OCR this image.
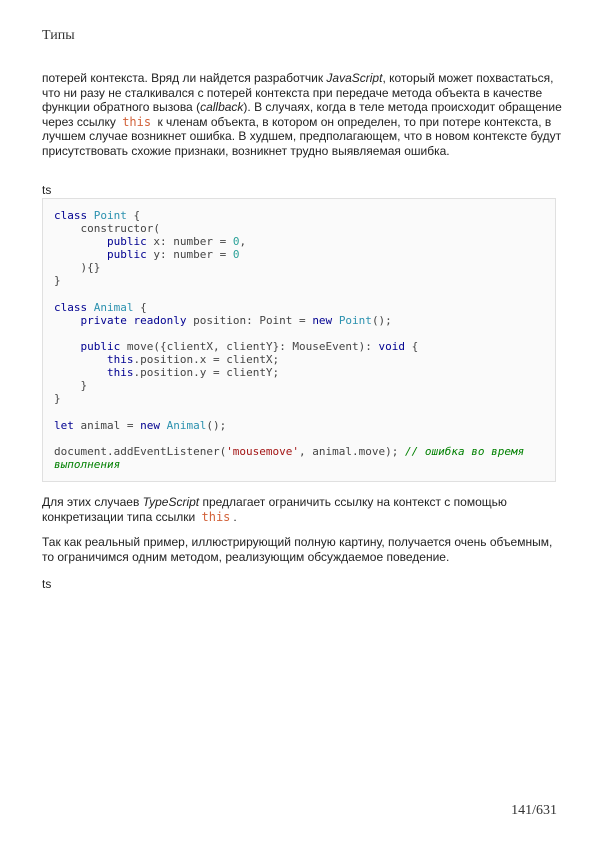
Типы
потерей контекста. Вряд ли найдется разработчик JavaScript, который может похвастаться, что ни разу не сталкивался с потерей контекста при передаче метода объекта в качестве функции обратного вызова (callback). В случаях, когда в теле метода происходит обращение через ссылку this к членам объекта, в котором он определен, то при потере контекста, в лучшем случае возникнет ошибка. В худшем, предполагающем, что в новом контексте будут присутствовать схожие признаки, возникнет трудно выявляемая ошибка.
ts
class Point {
constructor(
public x: number = 0,
public y: number = 0
){}
}

class Animal {
private readonly position: Point = new Point();

public move({clientX, clientY}: MouseEvent): void {
this.position.x = clientX;
this.position.y = clientY;
}
}

let animal = new Animal();

document.addEventListener('mousemove', animal.move); // ошибка во время
выполнения
Для этих случаев TypeScript предлагает ограничить ссылку на контекст с помощью конкретизации типа ссылки this .
Так как реальный пример, иллюстрирующий полную картину, получается очень объемным, то ограничимся одним методом, реализующим обсуждаемое поведение.
ts
141/631
